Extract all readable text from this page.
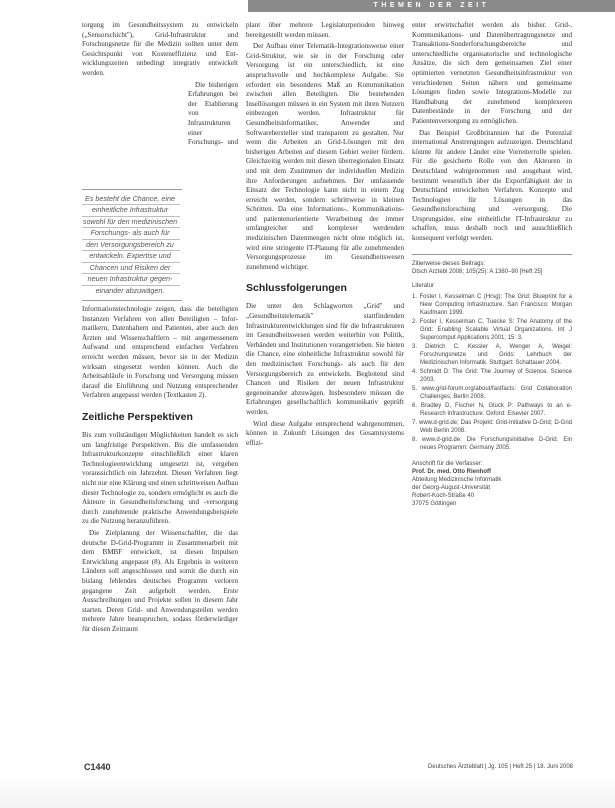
THEMEN DER ZEIT

torgung im Gesundheitssystem zu entwickeln („Sensorschicht"), Grid-Infrastruktur und Forschungsnetze für die Medizin sollten unter dem Gesichtspunkt von Kosteneffizienz und Ent-wicklungszeiten unbedingt integrativ entwickelt werden.

Es besteht die Chance, eine
einheitliche Infrastruktur
sowohl für den medizinischen
Forschungs- als auch für
den Versorgungsbereich zu
entwickeln. Expertise und
Chancen und Risiken der
neuen Infrastruktur gegen-
einander abzuwägen.

Die bisherigen Erfahrungen bei der Etablierung von Infrastrukturen einer Forschungs- und Informationstechnologie zeigen, dass die beteiligten Instanzen Verfahren von allen Beteiligten – Infor-matikern, Datenhaltern und Patienten, aber auch den Ärzten und Wissenschaftlern – mit angemessenem Aufwand und entsprechend einfachen Verfahren erreicht werden müssen, bevor sie in der Medizin wirksam eingesetzt werden können. Auch die Arbeitsabläufe in Forschung und Versorgung müssen darauf die Einführung und Nutzung entsprechender Verfahren angepasst werden (Textkasten 2).

Zeitliche Perspektiven

Bis zum vollständigen Möglichkeiten handelt es sich um langfristige Perspektiven. Bis die umfassenden Infrastrukturkonzepte einschließlich einer klaren Technologieentwicklung umgesetzt ist, vergehen voraussichtlich ein Jahrzehnt. Diesen Verfahren liegt nicht nur eine Klärung und einen schrittweisen Aufbau dieser Technologie zu, sondern ermöglicht es auch die Akteure in Gesundheitsforschung und -versorgung durch zunehmende praktische Anwendungsbeispiele zu die Nutzung heranzuführen.

Die Zielplanung der Wissenschaftler, die das deutsche D-Grid-Programm in Zusammenarbeit mit dem BMBF entwickelt, ist diesen Impulsen Entwicklung angepasst (8). Als Ergebnis in weiteren Ländern soll angeschlossen und somit die durch ein bislang fehlendes deutsches Programm verloren gegangene Zeit aufgeholt werden. Erste Ausschreibungen und Projekte sollen in diesem Jahr starten. Deren Grid- und Anwendungsteilen werden mehrere Jahre beanspruchen, sodass förderwürdiger für diesen Zeitraum

plant über mehrere Legislaturperioden hinweg bereitgestellt werden müssen.

Der Aufbau einer Telematik-Integrationsweise einer Grid-Struktur, wie sie in der Forschung oder Versorgung ist ein unterschiedlich, ist eine anspruchsvolle und hochkomplexe Aufgabe. Sie erfordert ein besonderes Maß an Kommunikation zwischen allen Beteiligten. Die bestehenden Insellösungen müssen in ein System mit ihren Nutzern einbezogen werden. Infrastruktur für Gesundheitsinformatiker, Anwender und Softwarehersteller sind transparent zu gestalten. Nur wenn die Arbeiten an Grid-Lösungen mit den bisherigen Arbeiten auf diesem Gebiet weiter fördern. Gleichzeitig werden mit diesen überregionalen Einsatz und mit dem Zustimmen der individuellen Medizin ihre Anforderungen aufnehmen. Der umfassende Einsatz der Technologie kann nicht in einem Zug erreicht werden, sondern schrittweise in kleinen Schritten. Da eine Informations-, Kommunikations- und patientenorientierte Verarbeitung der immer umfangreicher und komplexer werdenden medizinischen Datenmengen nicht ohne möglich ist, wird eine stringente IT-Planung für alle zunehmenden Versorgungsprozesse im Gesundheitswesen zunehmend wichtiger.

Schlussfolgerungen

Die unter den Schlagworten „Grid" und „Gesundheitstelematik" stattfindenden Infrastrukturentwicklungen sind für die Infrastrukturen im Gesundheitswesen werden weiterhin von Politik, Verbänden und Institutionen vorangetrieben. Sie bieten die Chance, eine einheitliche Infrastruktur sowohl für den medizinischen Forschungs- als auch für den Versorgungsbereich zu entwickeln. Begleitend sind Chancen und Risiken der neuen Infrastruktur gegeneinander abzuwägen. Insbesondere müssen die Erfahrungen gesellschaftlich kommunikativ geprüft werden.

Wird diese Aufgabe entsprechend wahrgenommen, können in Zukunft Lösungen des Gesamtsystems effizi-

enter erwirtschaftet werden als bisher. Grid-, Kommunikations- und Datenübertragungsnetze und Transaktions-Sonderforschungsbereiche und unterschiedliche organisatorische und technologische Ansätze, die sich dem gemeinsamen Ziel einer optimierten vernetzten Gesundheitsinfrastruktur von verschiedenen Seiten nähern und gemeinsame Lösungen finden sowie Integrations-Modelle zur Handhabung der zunehmend komplexeren Datenbestände in der Forschung und der Patientenversorgung zu ermöglichen.

Das Beispiel Großbritannien hat die Potenzial international Anstrengungen aufzuzeigen. Deutschland könnte für andere Länder eine Vorreiterrolle spielen. Für die gesicherte Rolle von den Akteuren in Deutschland wahrgenommen und ausgebaut wird, bestimmt wesentlich über die Exportfähigkeit der in Deutschland entwickelten Verfahren. Konzepte und Technologien für Lösungen in das Gesundheitsforschung und -versorgung. Die Ursprungsidee, eine einheitliche IT-Infrastruktur zu schaffen, muss deshalb noch und ausschließlich konsequent verfolgt werden.

Zitierweise dieses Beitrags:
Dtsch Arztebl 2008; 105(25): A 1380–90 [Heft 25]
Literatur
1. Foster I, Kesselman C (Hrsg): The Grid: Blueprint for a New Computing Infrastructure. San Francisco: Morgan Kaufmann 1999.
2. Foster I, Kesselman C, Tuecke S: The Anatomy of the Grid: Enabling Scalable Virtual Organizations. Int J Supercomput Applications 2001; 15: 3.
3. Dietrich C, Kessler A, Wenger A, Weigel: Forschungsnetze und Grids: Lehrbuch der Medizinischen Informatik. Stuttgart: Schattauer 2004.
4. Schmidt D: The Grid: The Journey of Science. Science 2003.
5. www.grid-forum.org/about/fastfacts: Grid Collaboration Challenges; Berlin 2008.
6. Bradley D, Fischer N, Gluck P: Pathways to an e-Research Infrastructure. Oxford: Elsevier 2007.
7. www.d-grid.de; Das Projekt: Grid-Initiative D-Grid; D-Grid Web Berlin 2008.
8. www.d-grid.de: Die Forschungsinitiative D-Grid. Ein neues Programm: Germany 2005.
Anschrift für die Verfasser:
Prof. Dr. med. Otto Rienhoff
Abteilung Medizinische Informatik
der Georg-August-Universität
Robert-Koch-Straße 40
37075 Göttingen
C1440	Deutsches Ärzteblatt | Jg. 105 | Heft 25 | 18. Juni 2008
